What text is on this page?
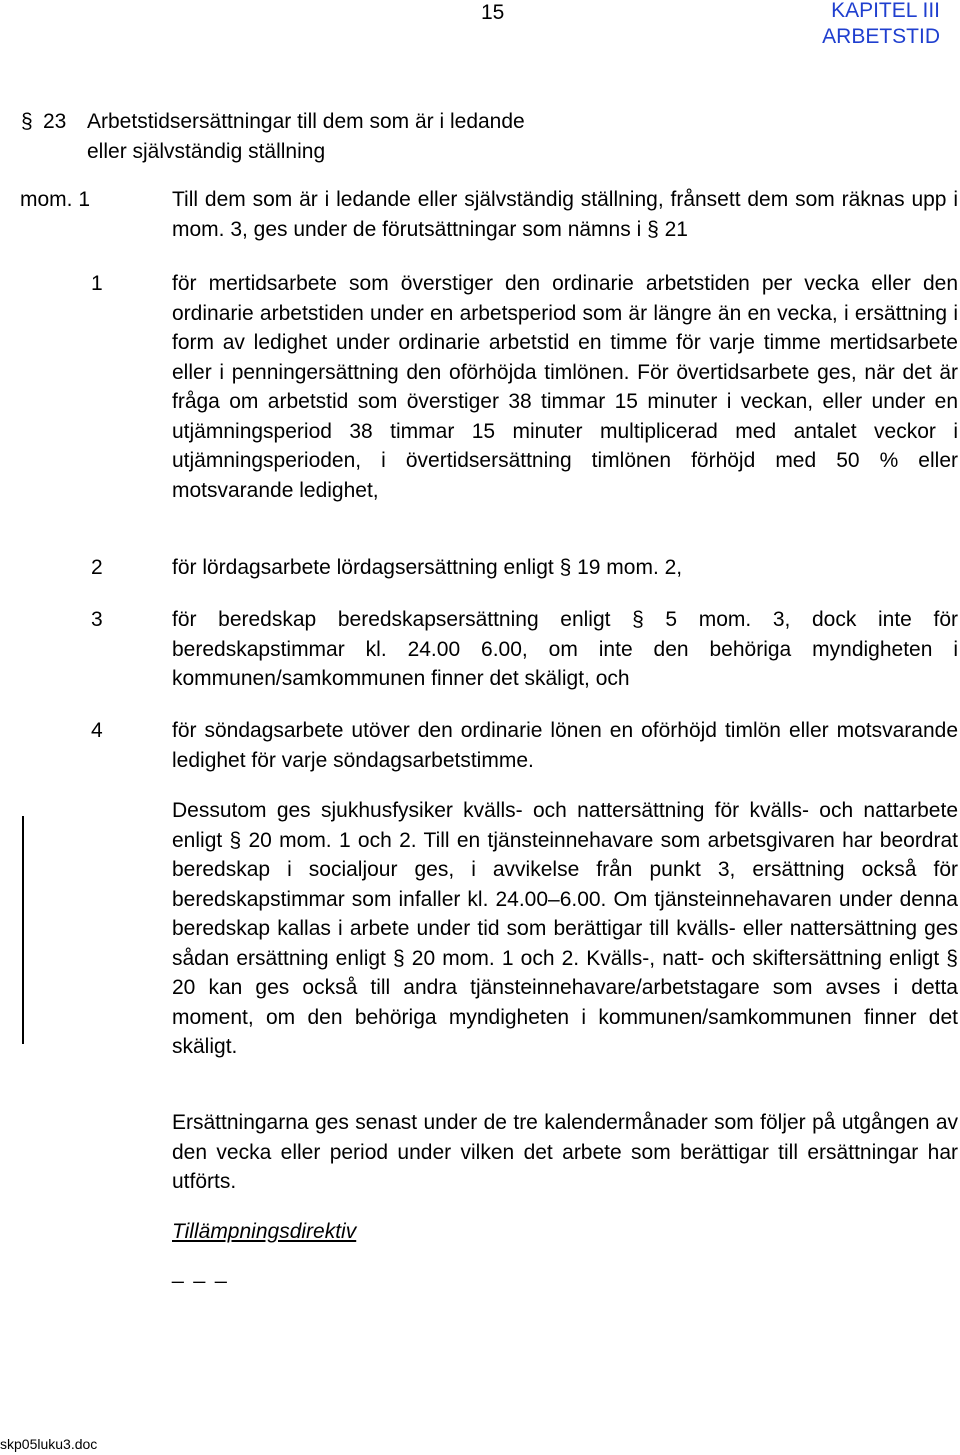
15	KAPITEL III
ARBETSTID
§ 23 Arbetstidsersättningar till dem som är i ledande
eller självständig ställning
mom. 1	Till dem som är i ledande eller självständig ställning, frånsett dem som räknas upp i mom. 3, ges under de förutsättningar som nämns i § 21
1	för mertidsarbete som överstiger den ordinarie arbetstiden per vecka eller den ordinarie arbetstiden under en arbetsperiod som är längre än en vecka, i ersättning i form av ledighet under ordinarie arbetstid en timme för varje timme mertidsarbete eller i penningersättning den oförhöjda timlönen. För övertidsarbete ges, när det är fråga om arbetstid som överstiger 38 timmar 15 minuter i veckan, eller under en utjämningsperiod 38 timmar 15 minuter multiplicerad med antalet veckor i utjämningsperioden, i övertidsersättning timlönen förhöjd med 50 % eller motsvarande ledighet,
2	för lördagsarbete lördagsersättning enligt § 19 mom. 2,
3	för beredskap beredskapsersättning enligt § 5 mom. 3, dock inte för beredskapstimmar kl. 24.00 6.00, om inte den behöriga myndigheten i kommunen/samkommunen finner det skäligt, och
4	för söndagsarbete utöver den ordinarie lönen en oförhöjd timlön eller motsvarande ledighet för varje söndagsarbetstimme.
Dessutom ges sjukhusfysiker kvälls- och nattersättning för kvälls- och nattarbete enligt § 20 mom. 1 och 2. Till en tjänsteinnehavare som arbetsgivaren har beordrat beredskap i socialjour ges, i avvikelse från punkt 3, ersättning också för beredskapstimmar som infaller kl. 24.00–6.00. Om tjänsteinnehavaren under denna beredskap kallas i arbete under tid som berättigar till kvälls- eller nattersättning ges sådan ersättning enligt § 20 mom. 1 och 2. Kvälls-, natt- och skiftersättning enligt § 20 kan ges också till andra tjänsteinnehavare/arbetstagare som avses i detta moment, om den behöriga myndigheten i kommunen/samkommunen finner det skäligt.
Ersättningarna ges senast under de tre kalendermånader som följer på utgången av den vecka eller period under vilken det arbete som berättigar till ersättningar har utförts.
Tillämpningsdirektiv
_ _ _
skp05luku3.doc
